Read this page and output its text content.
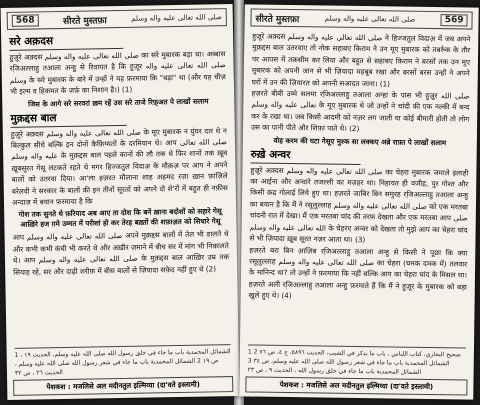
568	सीरते मुस्तफ़ा	صلى الله تعالى عليه واله وسلم
सरे अक़दस

हुज़ूरे अक़्दस صلى الله تعالى عليه واله وسلم का सरे मुबारक बड़ा था। अब्बास रजि़अल्लाहु तआला अन्हु से रिवायत है कि हुज़ूर صلى الله تعالى عليه واله وسلم के सरे मुबारक के बारे में उन्हों ने यह फ़रमाया कि "बड़ा" था (और यह चीज़ भी इल्म व हिकमत के ज़र्फ़ का निशान है।) (1)

जिस के आगे सरे सरवरां ख़म रहें उस सरे ताजे रिफ़्अत पे लाखों सलाम
मुक़द्दस बाल

हुज़ूरे अक़्दस صلى الله تعالى عليه واله وسلم के मूए मुबारक न घुंघर दार थे न बिल्कुल सीधे बल्कि इन दोनों कैफ़िय्यतों के दरमियान थे। आप صلى الله تعالى عليه واله وسلم के मुक़द्दस बाल पहले कानों की लौ तक थे फिर शानों तक ख़ूब ख़ूबसूरत गेसू लटकते रहते थे मगर हिज्जतुल विदाअ़ के मौक़अ़ पर आप ने अपने बालों को उतरवा दिया। आ'ला हज़रत मौलाना शाह अहमद रज़ा ख़ान फ़ाज़िले बरेलवी ने सरकार के बालों की इन तीनों सूरतों को अपने दो शे'रों में बहुत ही नफ़ीस अन्दाज़ में बयान फ़रमाया है कि

गोश तक सुनते थे फ़रियाद अब आए ता दोश कि बनें ख़ाना बदोशों को सहारे गेसू आख़िरे हज ग़मे उम्मत में परीशां हो कर तेरह बख़्तों की शफ़ाअ़त को सिधारे गेसू

आप صلى الله تعالى عليه واله وسلم अपने मुक़द्दस बालों में तेल भी डालते थे और कभी कभी कंघी भी करते थे और अख़ीर ज़माने में बीच सर में मांग भी निकालते थे। आप صلى الله تعالى عليه واله وسلم के मुक़द्दस बाल आख़िर उम्र तक सियाह रहे, सर और दाढ़ी शरीफ़ में बीस बालों से ज़ियादा सफ़ेद नहीं हुए थे (2)

1 الشمائل المحمدية باب ما جاء في خلق رسول الله صلى الله عليه وسلم، الحديث ١٩ ، ص ١٩ 2 الشمائل المحمدية باب ما جاء في شعر رسول الله صلى الله عليه وسلم ، الحديث ٢٦ ، ص ٣٢
पेशकश : मजलिसे अल मदीनतुल इल्मिय्या (दा'वते इस्लामी)
सीरते मुस्तफ़ा	صلى الله تعالى عليه واله وسلم	569

हुज़ूरे अक़्दस صلى الله تعالى عليه واله وسلم ने हिज्जतुल विदाअ़ में जब अपने मुक़द्दस बाल उतरवाए तो नोक सहाबए किराम ने उन मूए मुबारक को तबर्रुक के तौर पर आपस में तक़सीम कर लिया और बहुत से सहाबए किराम ने बरसों तक उन मूए मुबारक को अपनी जान से भी ज़ियादा महबूब रखा और बरसों बरस उन्हों ने अपने घरों में उन की ज़ियारत को अपनी सआदत जाना। (1)

हज़रते बीबी उम्मे सलमा रजि़अल्लाहु तआला अन्हा के पास भी हुज़ूर صلى الله تعالى عليه واله وسلم के मूए मुबारक थे जो उन्हों ने चांदी की एक नल्की में बन्द कर के रखा था। जब किसी आदमी को नज़र लग जाती या कोई बीमारी होती तो लोग उस का पानी पीते और शिफ़ा पाते थे। (2)

वोह करम की घटा गेसूए मुश्क सा लक्कए अब्रे राफ़्त पे लाखों सलाम
रुख़े अन्वर

हुज़ूरे अक़्दस صلى الله تعالى عليه واله وسلم का चेहरा मुबारक जमाले इलाही का आईना और अन्वारे तजल्ली का मज़हर था। निहायत ही वजीह, पुर गोश्त और किसी क़द्र गोलाई लिये हुए था। हज़रते जाबिर बिन समुरह रजि़अल्लाहु तआला अन्हु का बयान है कि मैं ने रसूलुल्लाह صلى الله تعالى عليه واله وسلم को एक मरतबा चांदनी रात में देखा। मैं एक मरतबा चांद की तरफ़ देखता और एक मरतबा आप صلى الله تعالى عليه واله وسلم के चेहरए अन्वर को देखता तो मुझे आप का चेहरा चांद से भी ज़ियादा ख़ूब सूरत नज़र आता था। (3)

हज़रते बरा बिन आ़ज़िब रजि़अल्लाहु तआला अन्हु से किसी ने पूछा कि क्या रसूलुल्लाह صلى الله تعالى عليه واله وسلم का चेहरा (चमक दमक में) तलवार के मानिन्द था? तो उन्हों ने फ़रमाया कि नहीं बल्कि आप का चेहरा चांद के मिसल था। हज़रते अली रजि़अल्लाहु तआला अन्हु फ़रमाते हैं कि मैं ने हुज़ूर के मुबारक को बड़ा खुले हुए थे। (4)

1 صحيح البخاري، كتاب اللباس ، باب ما يذكر في الشيب، الحديث ٥٨٩٦، ج ٤، ص ٧٦ 2 الشمائل المحمدية باب ما جاء في شعر رسول الله صلى الله عليه وسلم، ص ٣٤ 3 الشمائل المحمدية باب ما جاء في خلق رسول الله ، الحديث ٩ ، ص ٢٣
पेशकश : मजलिसे अल मदीनतुल इल्मिय्या (दा'वते इस्लामी)
